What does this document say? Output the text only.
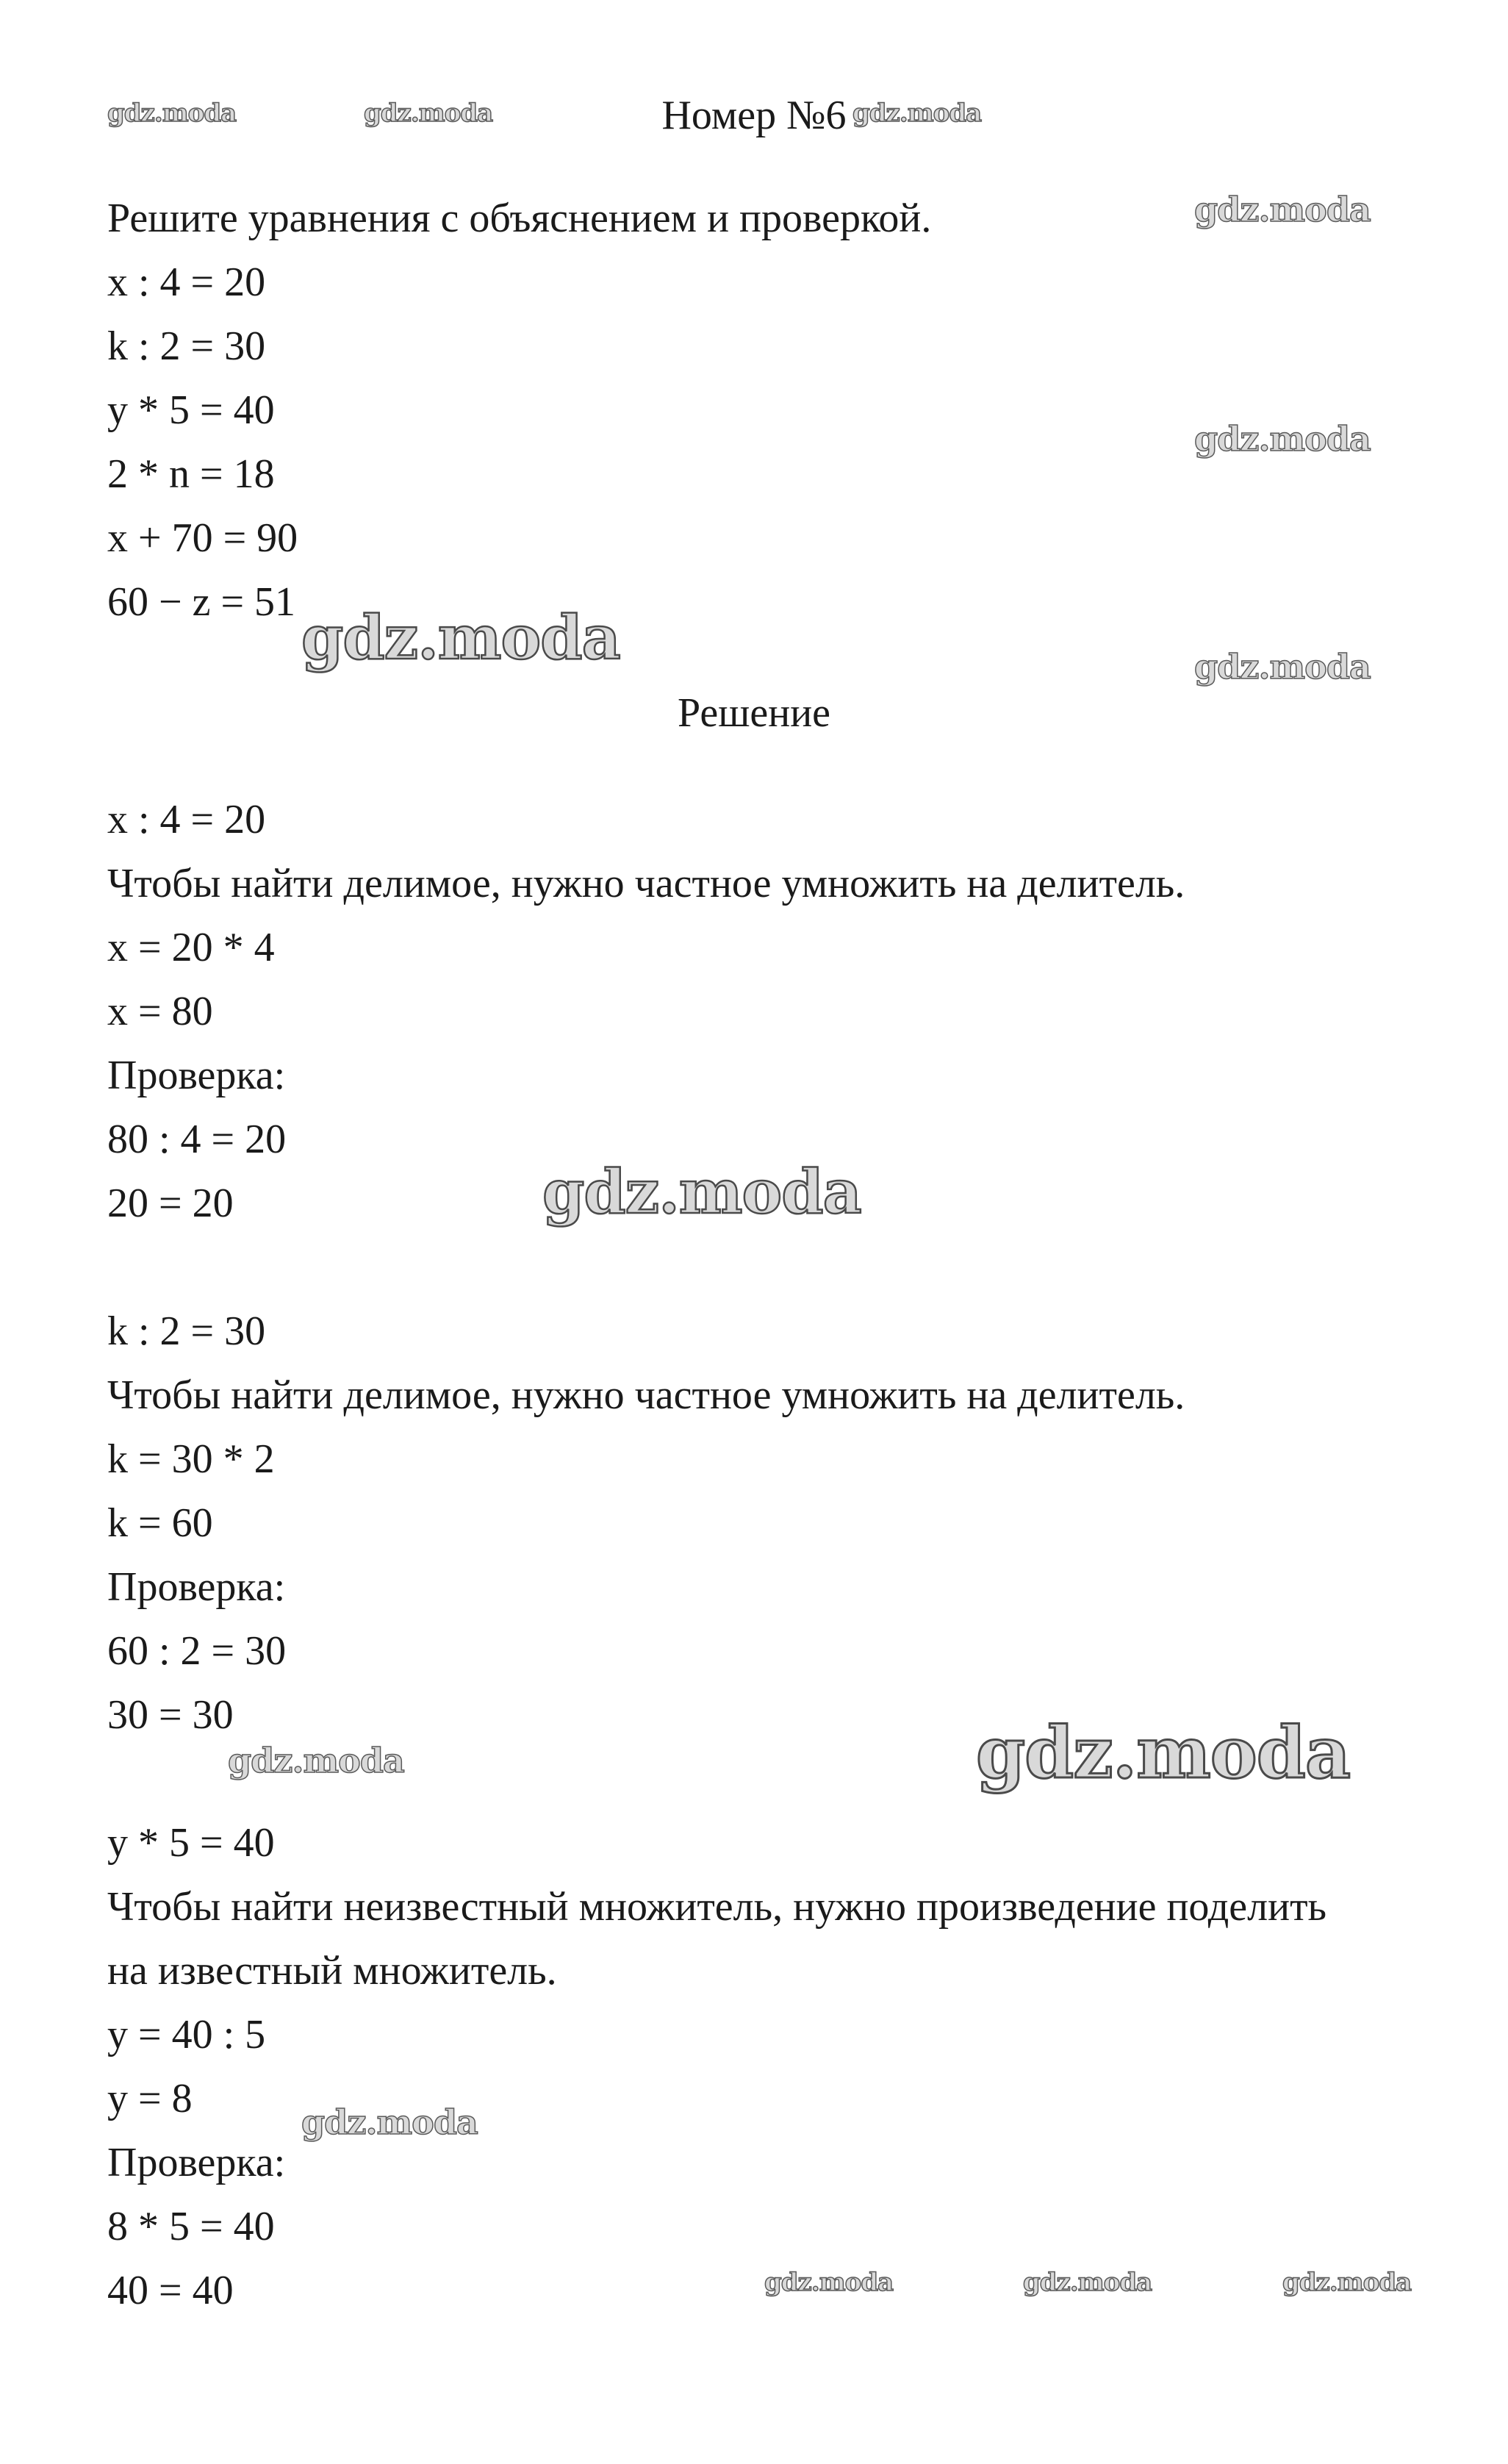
Номер №6
Решите уравнения с объяснением и проверкой.
x : 4 = 20
k : 2 = 30
y * 5 = 40
2 * n = 18
x + 70 = 90
60 − z = 51
Решение
x : 4 = 20
Чтобы найти делимое, нужно частное умножить на делитель.
x = 20 * 4
x = 80
Проверка:
80 : 4 = 20
20 = 20
k : 2 = 30
Чтобы найти делимое, нужно частное умножить на делитель.
k = 30 * 2
k = 60
Проверка:
60 : 2 = 30
30 = 30
y * 5 = 40
Чтобы найти неизвестный множитель, нужно произведение поделить
на известный множитель.
y = 40 : 5
y = 8
Проверка:
8 * 5 = 40
40 = 40
gdz.moda	gdz.moda	gdz.moda
gdz.moda
gdz.moda
gdz.moda	gdz.moda
gdz.moda
gdz.moda	gdz.moda
gdz.moda
gdz.moda	gdz.moda	gdz.moda
